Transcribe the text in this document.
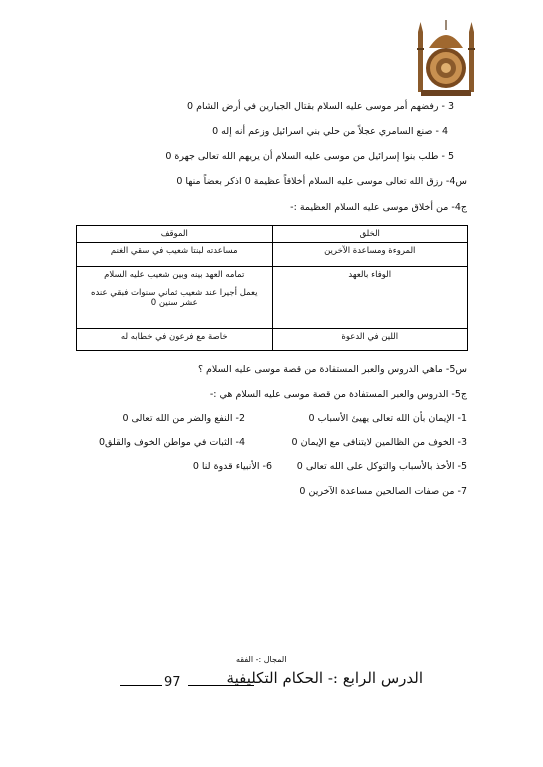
3 - رفضهم أمر موسى عليه السلام بقتال الجبارين في أرض الشام 0
4 - صنع السامري عجلاً من حلي بني اسرائيل وزعم أنه إله 0
5 - طلب بنوا إسرائيل من موسى عليه السلام أن يريهم الله تعالى جهرة 0
س4- رزق الله تعالى موسى عليه السلام أخلاقاً عظيمة 0 اذكر بعضاً منها 0
ج4- من أخلاق موسى عليه السلام العظيمة :-
الخلق	الموقف
المروءة ومساعدة الآخرين	مساعدته لبنتا شعيب في سقي الغنم
الوفاء بالعهد	تمامه العهد بينه وبين شعيب عليه السلام
يعمل أجيرا عند شعيب ثماني سنوات فبقي عنده عشر سنين 0

اللين في الدعوة	خاصة مع فرعون في خطابه له
س5- ماهي الدروس والعبر المستفادة من قصة موسى عليه السلام ؟
ج5- الدروس والعبر المستفادة من قصة موسى عليه السلام هي :-
1- الإيمان بأن الله تعالى يهيئ الأسباب 0
2- النفع والضر من الله تعالى 0
3- الخوف من الظالمين لايتنافى مع الإيمان 0
4- الثبات في مواطن الخوف والقلق0
5- الأخذ بالأسباب والتوكل على الله تعالى 0
6- الأنبياء قدوة لنا 0
7- من صفات الصالحين مساعدة الآخرين 0
المجال :- الفقه
97	الدرس الرابع :- الحكام التكليفية
